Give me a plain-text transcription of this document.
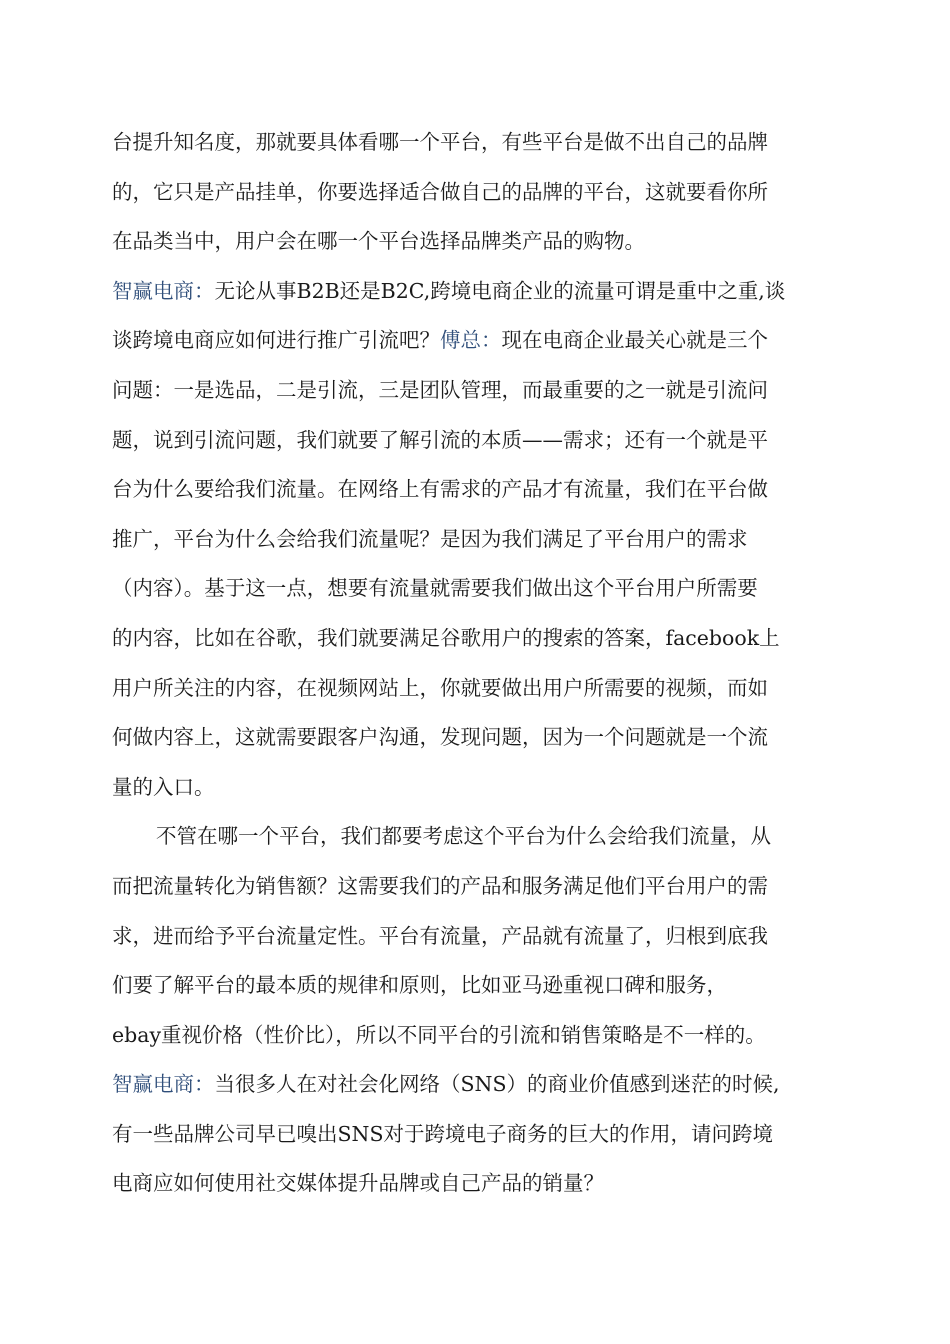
台提升知名度，那就要具体看哪一个平台，有些平台是做不出自己的品牌
的，它只是产品挂单，你要选择适合做自己的品牌的平台，这就要看你所
在品类当中，用户会在哪一个平台选择品牌类产品的购物。
智赢电商：无论从事B2B还是B2C,跨境电商企业的流量可谓是重中之重,谈
谈跨境电商应如何进行推广引流吧？傅总：现在电商企业最关心就是三个
问题：一是选品，二是引流，三是团队管理，而最重要的之一就是引流问
题，说到引流问题，我们就要了解引流的本质——需求；还有一个就是平
台为什么要给我们流量。在网络上有需求的产品才有流量，我们在平台做
推广，平台为什么会给我们流量呢？是因为我们满足了平台用户的需求
（内容）。基于这一点，想要有流量就需要我们做出这个平台用户所需要
的内容，比如在谷歌，我们就要满足谷歌用户的搜索的答案，facebook上
用户所关注的内容，在视频网站上，你就要做出用户所需要的视频，而如
何做内容上，这就需要跟客户沟通，发现问题，因为一个问题就是一个流
量的入口。
不管在哪一个平台，我们都要考虑这个平台为什么会给我们流量，从
而把流量转化为销售额？这需要我们的产品和服务满足他们平台用户的需
求，进而给予平台流量定性。平台有流量，产品就有流量了，归根到底我
们要了解平台的最本质的规律和原则，比如亚马逊重视口碑和服务，
ebay重视价格（性价比），所以不同平台的引流和销售策略是不一样的。
智赢电商：当很多人在对社会化网络（SNS）的商业价值感到迷茫的时候,
有一些品牌公司早已嗅出SNS对于跨境电子商务的巨大的作用，请问跨境
电商应如何使用社交媒体提升品牌或自己产品的销量？
